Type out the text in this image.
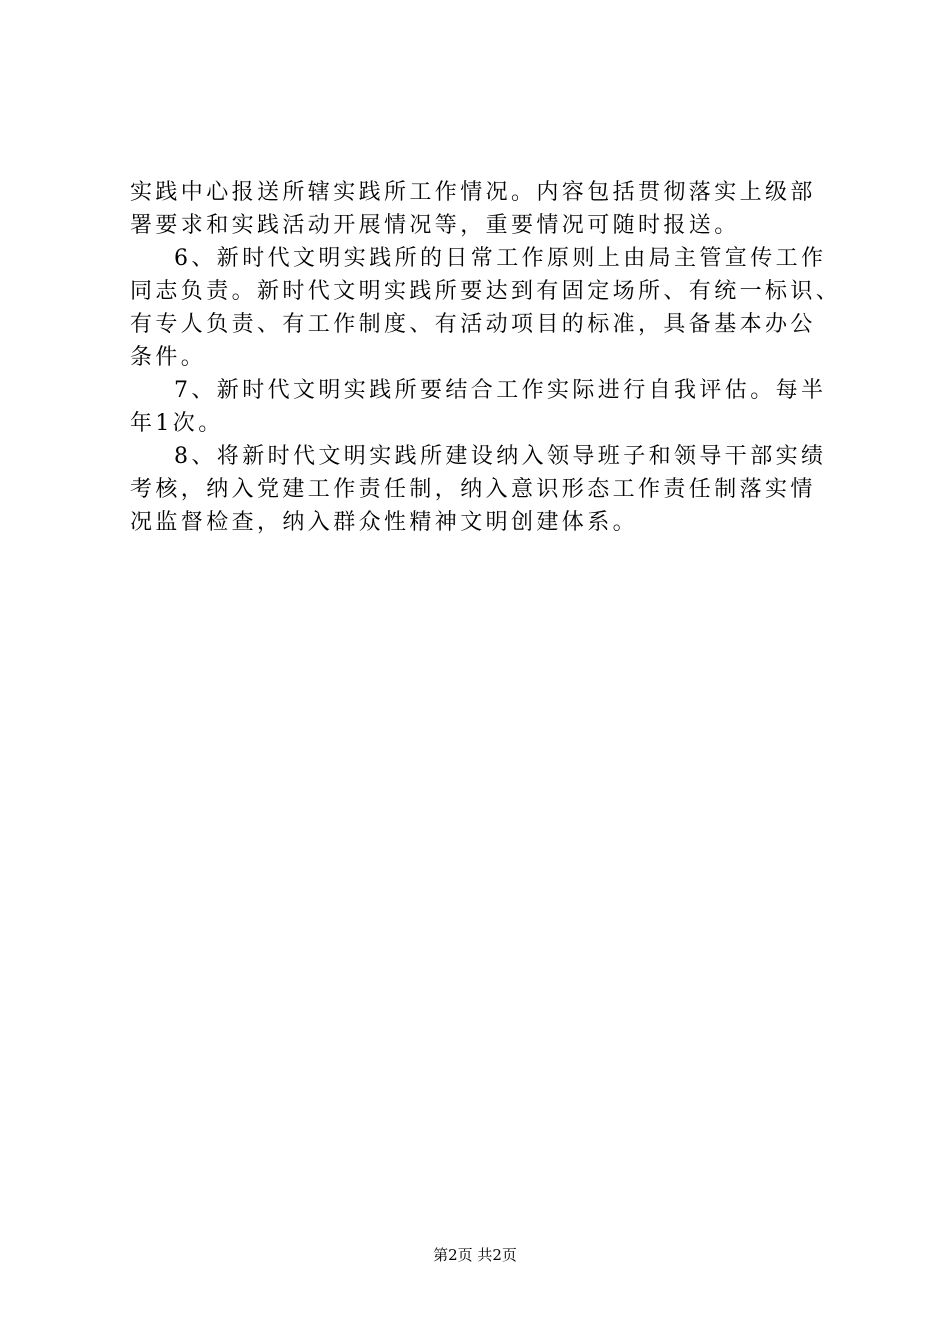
实践中心报送所辖实践所工作情况。内容包括贯彻落实上级部
署要求和实践活动开展情况等，重要情况可随时报送。
6、新时代文明实践所的日常工作原则上由局主管宣传工作
同志负责。新时代文明实践所要达到有固定场所、有统一标识、
有专人负责、有工作制度、有活动项目的标准，具备基本办公
条件。
7、新时代文明实践所要结合工作实际进行自我评估。每半
年1次。
8、将新时代文明实践所建设纳入领导班子和领导干部实绩
考核，纳入党建工作责任制，纳入意识形态工作责任制落实情
况监督检查，纳入群众性精神文明创建体系。
第2页 共2页
